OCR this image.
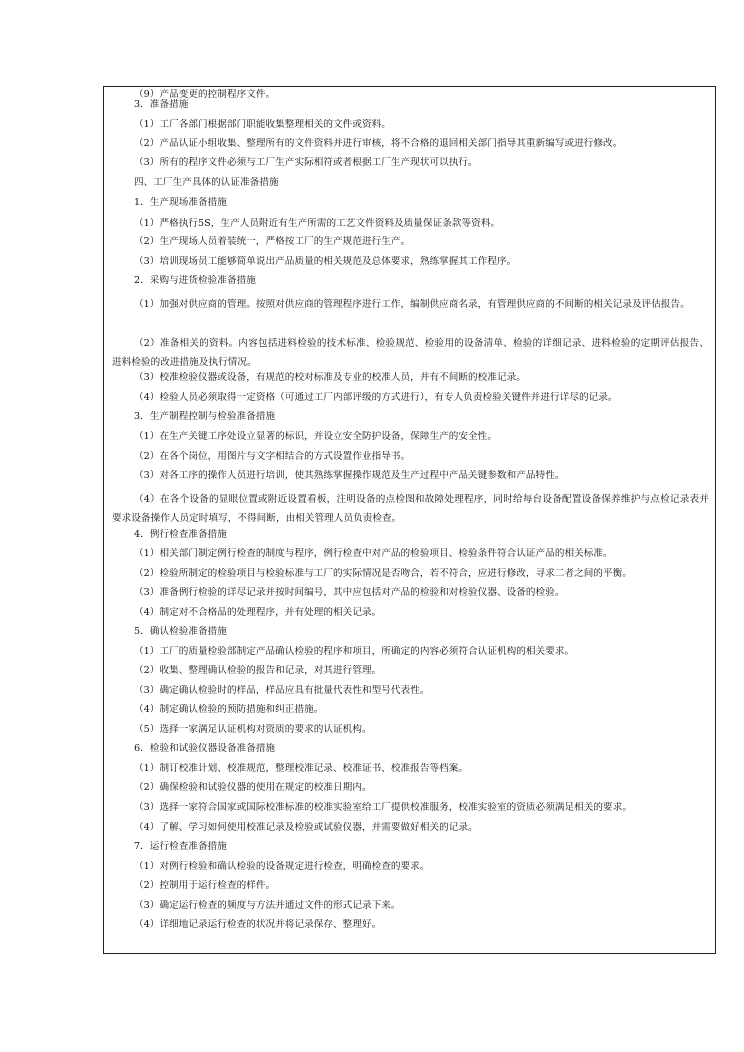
（9）产品变更的控制程序文件。
3．准备措施
（1）工厂各部门根据部门职能收集整理相关的文件或资料。
（2）产品认证小组收集、整理所有的文件资料并进行审核，将不合格的退回相关部门指导其重新编写或进行修改。
（3）所有的程序文件必须与工厂生产实际相符或者根据工厂生产现状可以执行。
四、工厂生产具体的认证准备措施
1．生产现场准备措施
（1）严格执行5S，生产人员附近有生产所需的工艺文件资料及质量保证条款等资料。
（2）生产现场人员着装统一，严格按工厂的生产规范进行生产。
（3）培训现场员工能够简单说出产品质量的相关规范及总体要求，熟练掌握其工作程序。
2．采购与进货检验准备措施
（1）加强对供应商的管理。按照对供应商的管理程序进行工作，编制供应商名录，有管理供应商的不间断的相关记录及评估报告。
（2）准备相关的资料。内容包括进料检验的技术标准、检验规范、检验用的设备清单、检验的详细记录、进料检验的定期评估报告、进料检验的改进措施及执行情况。
（3）校准检验仪器或设备，有规范的校对标准及专业的校准人员，并有不间断的校准记录。
（4）检验人员必须取得一定资格（可通过工厂内部评级的方式进行），有专人负责检验关键件并进行详尽的记录。
3．生产制程控制与检验准备措施
（1）在生产关键工序处设立显著的标识，并设立安全防护设备，保障生产的安全性。
（2）在各个岗位，用图片与文字相结合的方式设置作业指导书。
（3）对各工序的操作人员进行培训，使其熟练掌握操作规范及生产过程中产品关键参数和产品特性。
（4）在各个设备的显眼位置或附近设置看板，注明设备的点检图和故障处理程序，同时给每台设备配置设备保养维护与点检记录表并要求设备操作人员定时填写，不得间断，由相关管理人员负责检查。
4．例行检查准备措施
（1）相关部门制定例行检查的制度与程序，例行检查中对产品的检验项目、检验条件符合认证产品的相关标准。
（2）检验所制定的检验项目与检验标准与工厂的实际情况是否吻合，若不符合，应进行修改，寻求二者之间的平衡。
（3）准备例行检验的详尽记录并按时间编号，其中应包括对产品的检验和对检验仪器、设备的检验。
（4）制定对不合格品的处理程序，并有处理的相关记录。
5．确认检验准备措施
（1）工厂的质量检验部制定产品确认检验的程序和项目，所确定的内容必须符合认证机构的相关要求。
（2）收集、整理确认检验的报告和记录，对其进行管理。
（3）确定确认检验时的样品，样品应具有批量代表性和型号代表性。
（4）制定确认检验的预防措施和纠正措施。
（5）选择一家满足认证机构对资质的要求的认证机构。
6．检验和试验仪器设备准备措施
（1）制订校准计划、校准规范，整理校准记录、校准证书、校准报告等档案。
（2）确保检验和试验仪器的使用在规定的校准日期内。
（3）选择一家符合国家或国际校准标准的校准实验室给工厂提供校准服务，校准实验室的资质必须满足相关的要求。
（4）了解、学习如何使用校准记录及检验或试验仪器，并需要做好相关的记录。
7．运行检查准备措施
（1）对例行检验和确认检验的设备规定进行检查，明确检查的要求。
（2）控制用于运行检查的样件。
（3）确定运行检查的频度与方法并通过文件的形式记录下来。
（4）详细地记录运行检查的状况并将记录保存、整理好。
